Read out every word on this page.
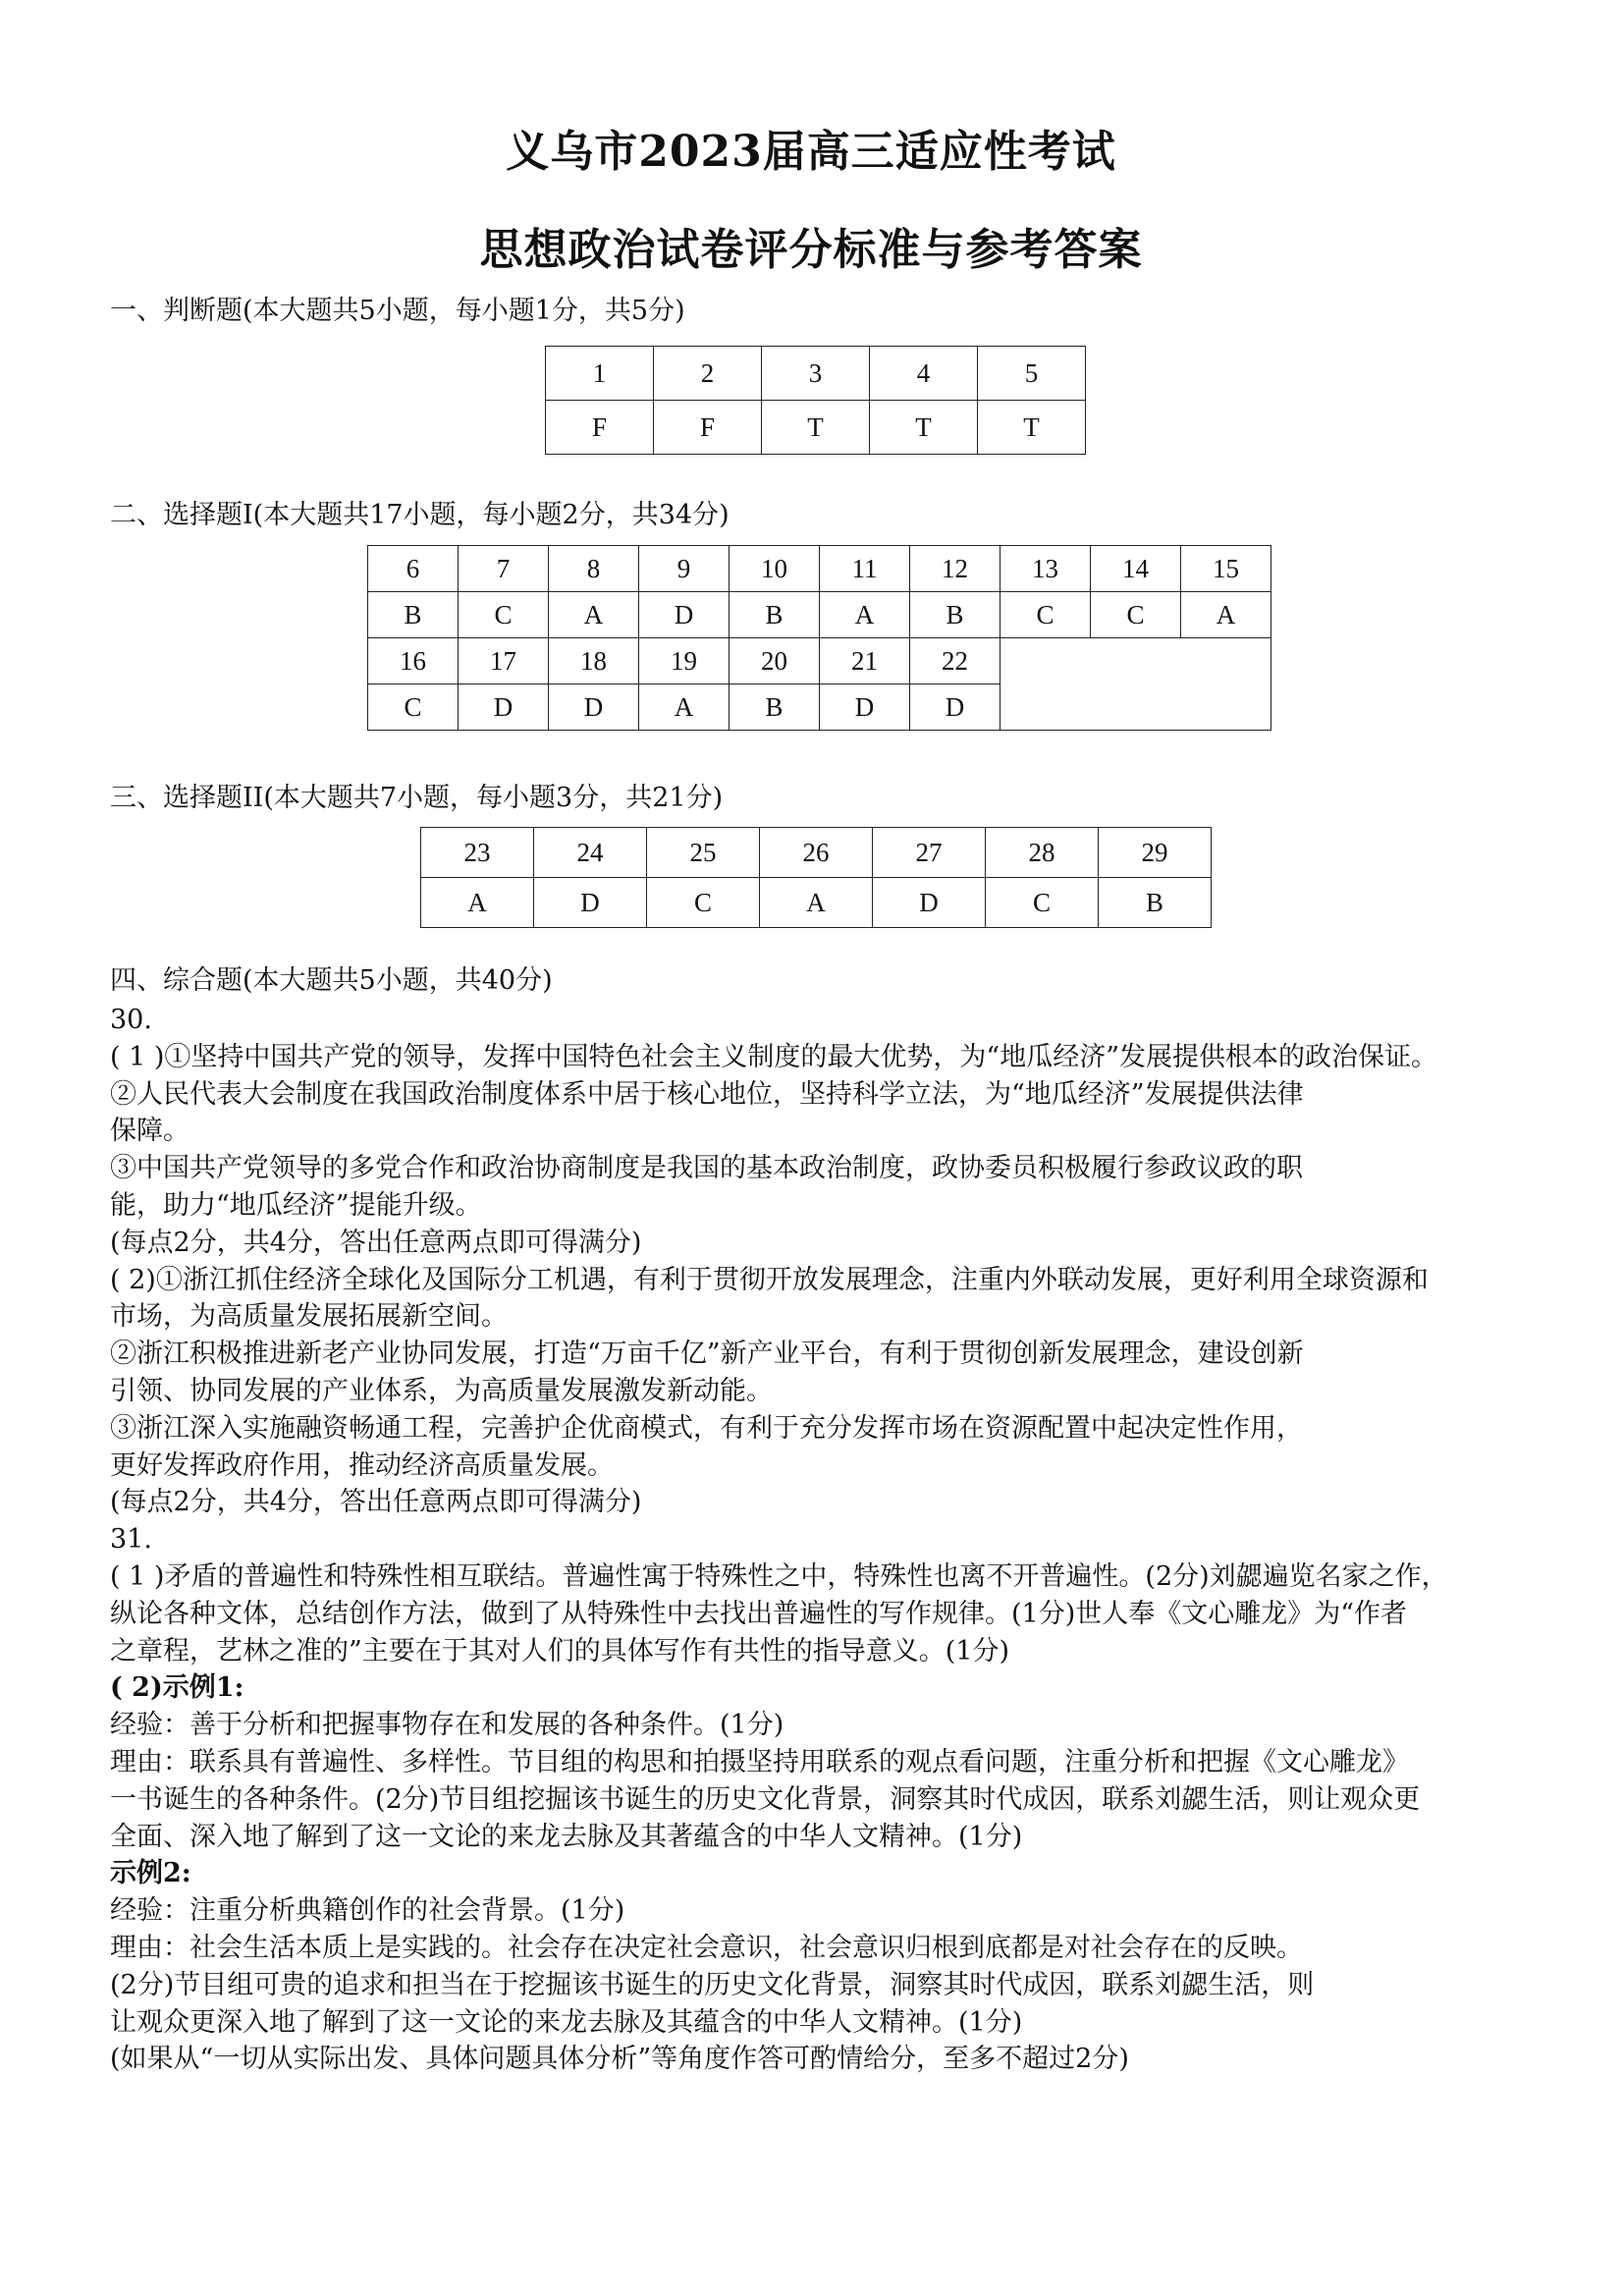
义乌市2023届高三适应性考试
思想政治试卷评分标准与参考答案
一、判断题(本大题共5小题，每小题1分，共5分)
1	2	3	4	5
F	F	T	T	T
二、选择题I(本大题共17小题，每小题2分，共34分)
6	7	8	9	10	11	12	13	14	15
B	C	A	D	B	A	B	C	C	A
16	17	18	19	20	21	22			
C	D	D	A	B	D	D			
三、选择题II(本大题共7小题，每小题3分，共21分)
23	24	25	26	27	28	29
A	D	C	A	D	C	B
四、综合题(本大题共5小题，共40分)
30.
( 1 )①坚持中国共产党的领导，发挥中国特色社会主义制度的最大优势，为“地瓜经济”发展提供根本的政治保证。
②人民代表大会制度在我国政治制度体系中居于核心地位，坚持科学立法，为“地瓜经济”发展提供法律
保障。
③中国共产党领导的多党合作和政治协商制度是我国的基本政治制度，政协委员积极履行参政议政的职
能，助力“地瓜经济”提能升级。
(每点2分，共4分，答出任意两点即可得满分)
( 2)①浙江抓住经济全球化及国际分工机遇，有利于贯彻开放发展理念，注重内外联动发展，更好利用全球资源和
市场，为高质量发展拓展新空间。
②浙江积极推进新老产业协同发展，打造“万亩千亿”新产业平台，有利于贯彻创新发展理念，建设创新
引领、协同发展的产业体系，为高质量发展激发新动能。
③浙江深入实施融资畅通工程，完善护企优商模式，有利于充分发挥市场在资源配置中起决定性作用，
更好发挥政府作用，推动经济高质量发展。
(每点2分，共4分，答出任意两点即可得满分)
31.
( 1 )矛盾的普遍性和特殊性相互联结。普遍性寓于特殊性之中，特殊性也离不开普遍性。(2分)刘勰遍览名家之作，
纵论各种文体，总结创作方法，做到了从特殊性中去找出普遍性的写作规律。(1分)世人奉《文心雕龙》为“作者
之章程，艺林之准的”主要在于其对人们的具体写作有共性的指导意义。(1分)
( 2)示例1:
经验：善于分析和把握事物存在和发展的各种条件。(1分)
理由：联系具有普遍性、多样性。节目组的构思和拍摄坚持用联系的观点看问题，注重分析和把握《文心雕龙》
一书诞生的各种条件。(2分)节目组挖掘该书诞生的历史文化背景，洞察其时代成因，联系刘勰生活，则让观众更
全面、深入地了解到了这一文论的来龙去脉及其著蕴含的中华人文精神。(1分)
示例2:
经验：注重分析典籍创作的社会背景。(1分)
理由：社会生活本质上是实践的。社会存在决定社会意识，社会意识归根到底都是对社会存在的反映。
(2分)节目组可贵的追求和担当在于挖掘该书诞生的历史文化背景，洞察其时代成因，联系刘勰生活，则
让观众更深入地了解到了这一文论的来龙去脉及其蕴含的中华人文精神。(1分)
(如果从“一切从实际出发、具体问题具体分析”等角度作答可酌情给分，至多不超过2分)
